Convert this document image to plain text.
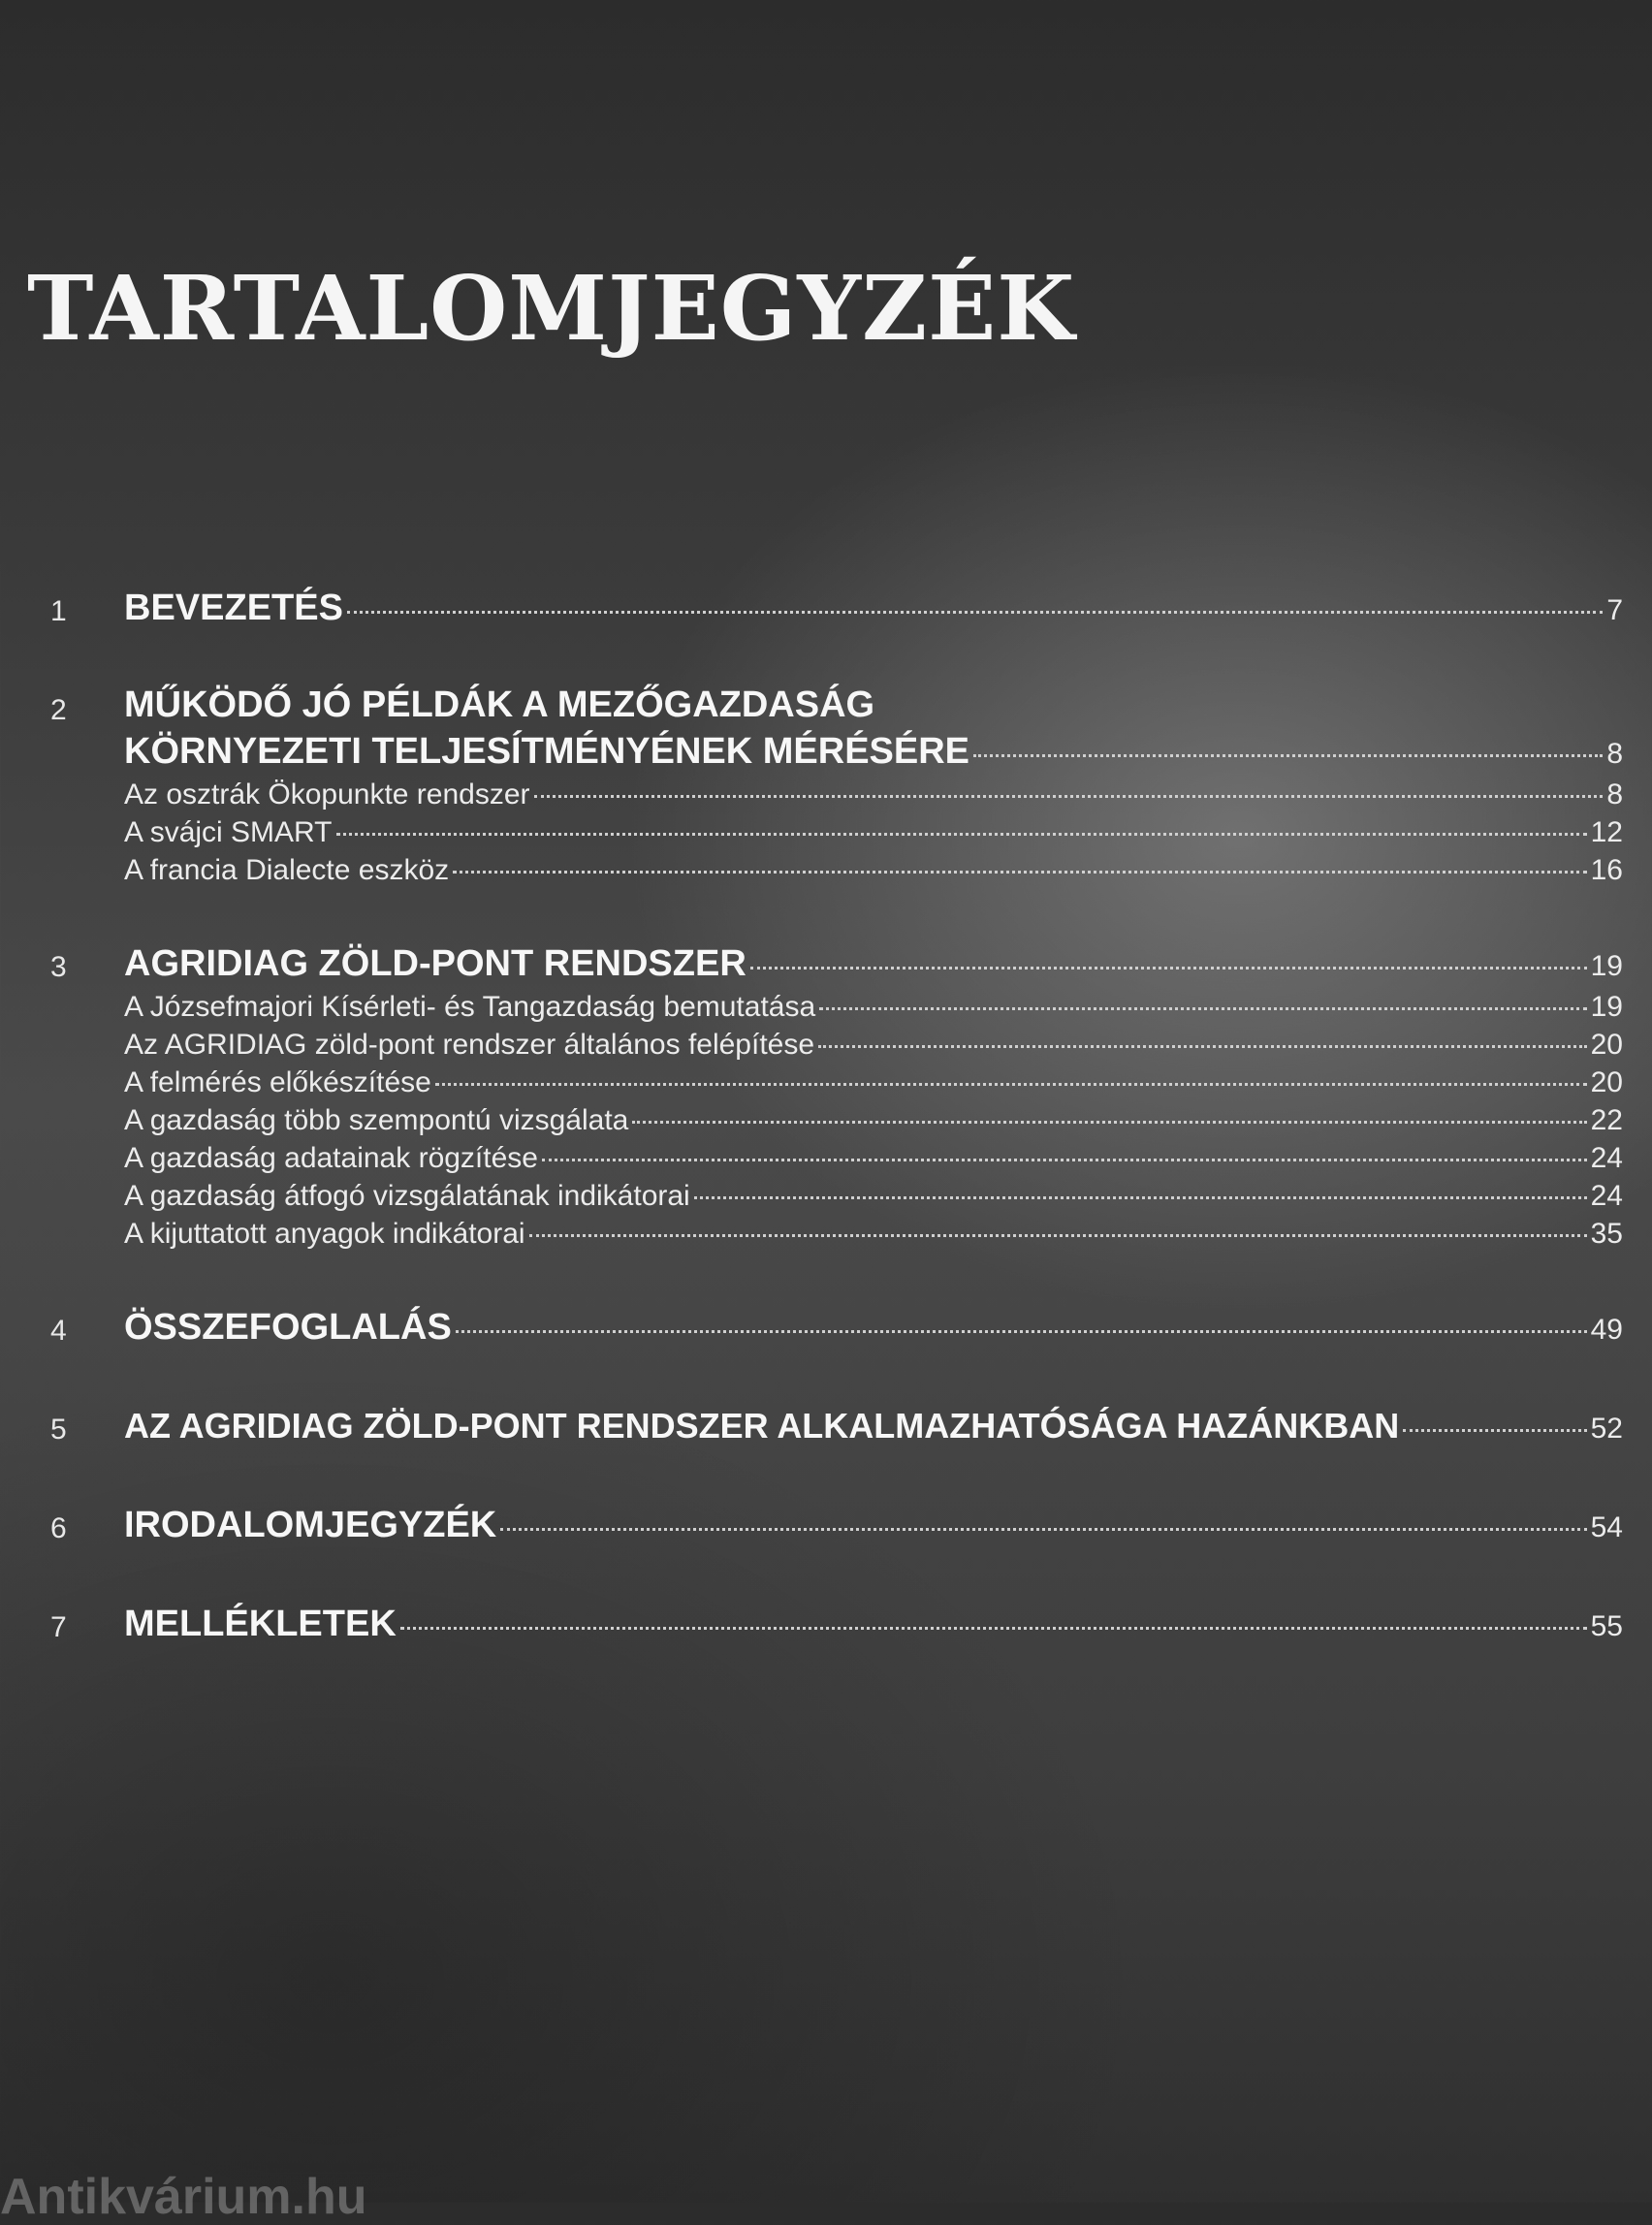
TARTALOMJEGYZÉK
1 BEVEZETÉS	7
2 MŰKÖDŐ JÓ PÉLDÁK A MEZŐGAZDASÁG
KÖRNYEZETI TELJESÍTMÉNYÉNEK MÉRÉSÉRE	8
Az osztrák Ökopunkte rendszer	8
A svájci SMART	12
A francia Dialecte eszköz	16
3 AGRIDIAG ZÖLD-PONT RENDSZER	19
A Józsefmajori Kísérleti- és Tangazdaság bemutatása	19
Az AGRIDIAG zöld-pont rendszer általános felépítése	20
A felmérés előkészítése	20
A gazdaság több szempontú vizsgálata	22
A gazdaság adatainak rögzítése	24
A gazdaság átfogó vizsgálatának indikátorai	24
A kijuttatott anyagok indikátorai	35
4 ÖSSZEFOGLALÁS	49
5 AZ AGRIDIAG ZÖLD-PONT RENDSZER ALKALMAZHATÓSÁGA HAZÁNKBAN	52
6 IRODALOMJEGYZÉK	54
7 MELLÉKLETEK	55
Antikvárium.hu
